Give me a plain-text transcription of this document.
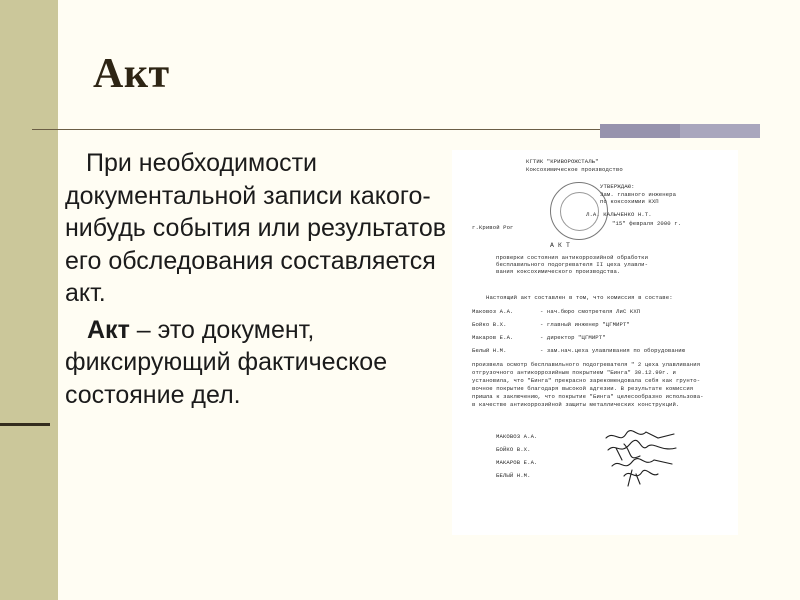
Акт

При необходимости документальной записи какого-нибудь события или результатов его обследования составляется акт.

Акт – это документ, фиксирующий фактическое состояние дел.

КГТИК "КРИВОРОЖСТАЛЬ"
Коксохимическое производство
УТВЕРЖДАЮ:
Зам. главного инженера
по коксохимии КХП
Л.А. КАЛЬЧЕНКО Н.Т.
"15" февраля 2000 г.
г.Кривой Рог
А К Т
проверки состояния антикоррозийной обработки
бесплавильного подогревателя II цеха улавли-
вания коксохимического производства.
Настоящий акт составлен в том, что комиссия в составе:
Маковоз А.А.	- нач.бюро смотретеля ЛиС КХП
Бойко В.Х.	- главный инженер "ЦГМИРТ"
Макаров Е.А.	- директор "ЦГМИРТ"
Белый Н.М.	- зам.нач.цеха улавливания по оборудованию
произвела осмотр бесплавильного подогревателя " 2 цеха улавливания
отгрузочного антикоррозийным покрытием "Бинга" 30.12.99г. и
установила, что "Бинга" прекрасно зарекомендовала себя как грунто-
вочное покрытие благодаря высокой адгезии. В результате комиссия
пришла к заключению, что покрытие "Бинга" целесообразно использова-
в качестве антикоррозийной защиты металлических конструкций.
МАКОВОЗ А.А.
БОЙКО В.Х.
МАКАРОВ Е.А.
БЕЛЫЙ Н.М.
